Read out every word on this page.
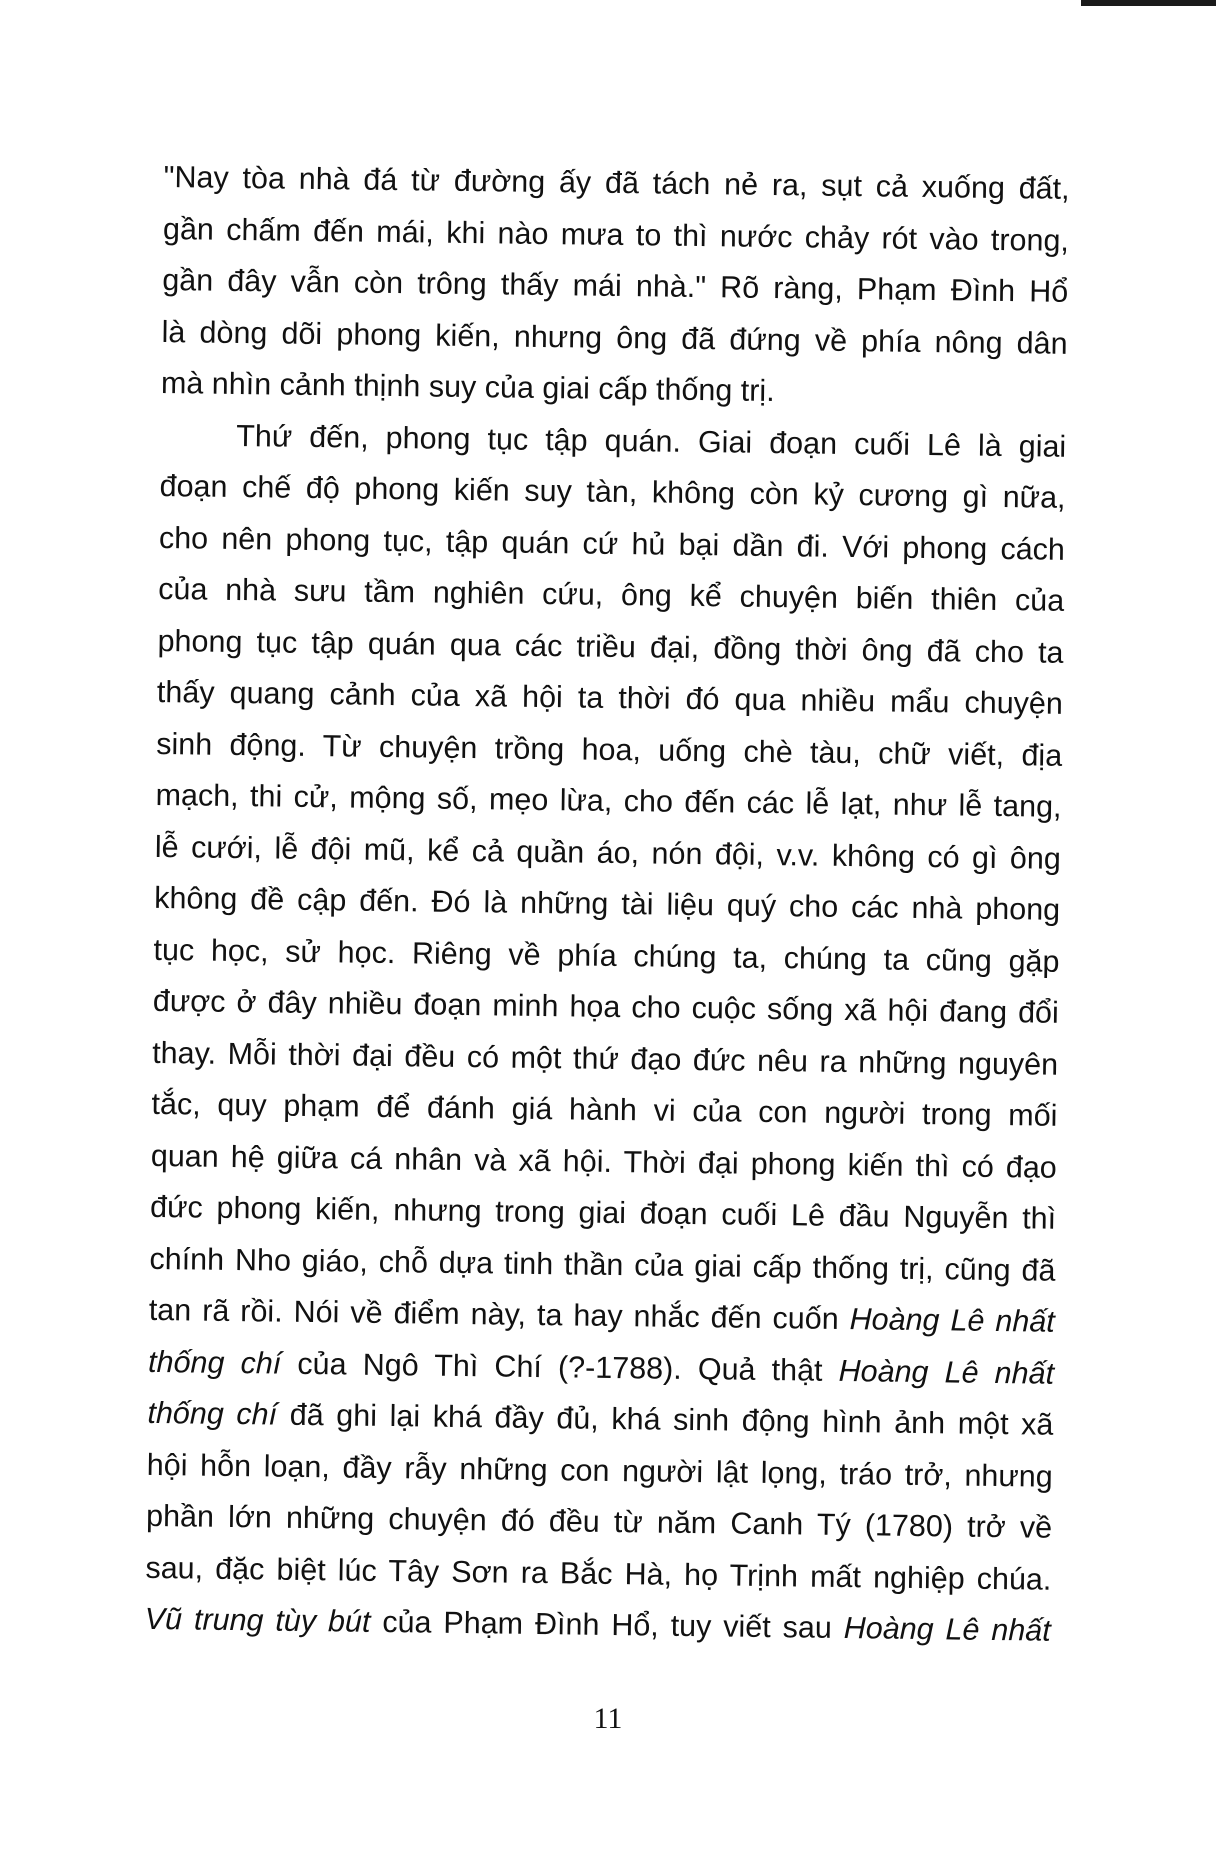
"Nay tòa nhà đá từ đường ấy đã tách nẻ ra, sụt cả xuống đất,
gần chấm đến mái, khi nào mưa to thì nước chảy rót vào trong,
gần đây vẫn còn trông thấy mái nhà." Rõ ràng, Phạm Đình Hổ
là dòng dõi phong kiến, nhưng ông đã đứng về phía nông dân
mà nhìn cảnh thịnh suy của giai cấp thống trị.

Thứ đến, phong tục tập quán. Giai đoạn cuối Lê là giai
đoạn chế độ phong kiến suy tàn, không còn kỷ cương gì nữa,
cho nên phong tục, tập quán cứ hủ bại dần đi. Với phong cách
của nhà sưu tầm nghiên cứu, ông kể chuyện biến thiên của
phong tục tập quán qua các triều đại, đồng thời ông đã cho ta
thấy quang cảnh của xã hội ta thời đó qua nhiều mẩu chuyện
sinh động. Từ chuyện trồng hoa, uống chè tàu, chữ viết, địa
mạch, thi cử, mộng số, mẹo lừa, cho đến các lễ lạt, như lễ tang,
lễ cưới, lễ đội mũ, kể cả quần áo, nón đội, v.v. không có gì ông
không đề cập đến. Đó là những tài liệu quý cho các nhà phong
tục học, sử học. Riêng về phía chúng ta, chúng ta cũng gặp
được ở đây nhiều đoạn minh họa cho cuộc sống xã hội đang đổi
thay. Mỗi thời đại đều có một thứ đạo đức nêu ra những nguyên
tắc, quy phạm để đánh giá hành vi của con người trong mối
quan hệ giữa cá nhân và xã hội. Thời đại phong kiến thì có đạo
đức phong kiến, nhưng trong giai đoạn cuối Lê đầu Nguyễn thì
chính Nho giáo, chỗ dựa tinh thần của giai cấp thống trị, cũng đã
tan rã rồi. Nói về điểm này, ta hay nhắc đến cuốn Hoàng Lê nhất
thống chí của Ngô Thì Chí (?-1788). Quả thật Hoàng Lê nhất
thống chí đã ghi lại khá đầy đủ, khá sinh động hình ảnh một xã
hội hỗn loạn, đầy rẫy những con người lật lọng, tráo trở, nhưng
phần lớn những chuyện đó đều từ năm Canh Tý (1780) trở về
sau, đặc biệt lúc Tây Sơn ra Bắc Hà, họ Trịnh mất nghiệp chúa.
Vũ trung tùy bút của Phạm Đình Hổ, tuy viết sau Hoàng Lê nhất

11
